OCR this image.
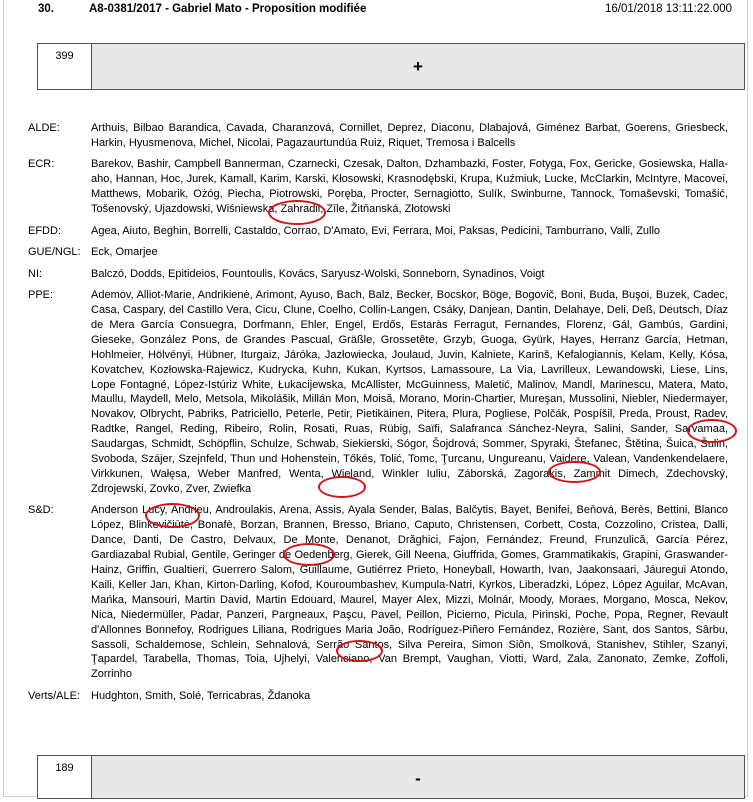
30.	A8-0381/2017 - Gabriel Mato - Proposition modifiée	16/01/2018 13:11:22.000
399
+
ALDE:	Arthuis, Bilbao Barandica, Cavada, Charanzová, Cornillet, Deprez, Diaconu, Dlabajová, Giménez Barbat, Goerens, Griesbeck, Harkin, Hyusmenova, Michel, Nicolai, Pagazaurtundúa Ruiz, Riquet, Tremosa i Balcells
ECR:	Barekov, Bashir, Campbell Bannerman, Czarnecki, Czesak, Dalton, Dzhambazki, Foster, Fotyga, Fox, Gericke, Gosiewska, Halla-aho, Hannan, Hoc, Jurek, Kamall, Karim, Karski, Kłosowski, Krasnodębski, Krupa, Kuźmiuk, Lucke, McClarkin, McIntyre, Macovei, Matthews, Mobarik, Ożóg, Piecha, Piotrowski, Poręba, Procter, Sernagiotto, Sulík, Swinburne, Tannock, Tomaševski, Tomašić, Tošenovský, Ujazdowski, Wiśniewska, Zahradil, Zīle, Žitňanská, Złotowski
EFDD:	Agea, Aiuto, Beghin, Borrelli, Castaldo, Corrao, D'Amato, Evi, Ferrara, Moi, Paksas, Pedicini, Tamburrano, Valli, Zullo
GUE/NGL: Eck, Omarjee
NI:	Balczó, Dodds, Epitideios, Fountoulis, Kovács, Saryusz-Wolski, Sonneborn, Synadinos, Voigt
PPE:	Ademov, Alliot-Marie, Andrikienė, Arimont, Ayuso, Bach, Balz, Becker, Bocskor, Böge, Bogovič, Boni, Buda, Buşoi, Buzek, Cadec, Casa, Caspary, del Castillo Vera, Cicu, Clune, Coelho, Collin-Langen, Csáky, Danjean, Dantin, Delahaye, Deli, Deß, Deutsch, Díaz de Mera García Consuegra, Dorfmann, Ehler, Engel, Erdős, Estaràs Ferragut, Fernandes, Florenz, Gál, Gambús, Gardini, Gieseke, González Pons, de Grandes Pascual, Gräßle, Grossetête, Grzyb, Guoga, Gyürk, Hayes, Herranz García, Hetman, Hohlmeier, Hölvényi, Hübner, Iturgaiz, Járóka, Jazłowiecka, Joulaud, Juvin, Kalniete, Karinš, Kefalogiannis, Kelam, Kelly, Kósa, Kovatchev, Kozłowska-Rajewicz, Kudrycka, Kuhn, Kukan, Kyrtsos, Lamassoure, La Via, Lavrilleux, Lewandowski, Liese, Lins, Lope Fontagné, López-Istúriz White, Łukacijewska, McAllister, McGuinness, Maletić, Malinov, Mandl, Marinescu, Matera, Mato, Maullu, Maydell, Melo, Metsola, Mikolášik, Millán Mon, Moisă, Morano, Morin-Chartier, Mureşan, Mussolini, Niebler, Niedermayer, Novakov, Olbrycht, Pabriks, Patriciello, Peterle, Petir, Pietikäinen, Pitera, Plura, Pogliese, Polčák, Pospíšil, Preda, Proust, Radev, Radtke, Rangel, Reding, Ribeiro, Rolin, Rosati, Ruas, Rübig, Saïfi, Salafranca Sánchez-Neyra, Salini, Sander, Sarvamaa, Saudargas, Schmidt, Schöpflin, Schulze, Schwab, Siekierski, Sógor, Šojdrová, Sommer, Spyraki, Štefanec, Štětina, Šuica, Šulin, Svoboda, Szájer, Szejnfeld, Thun und Hohenstein, Tőkés, Tolić, Tomc, Ţurcanu, Ungureanu, Vaidere, Valean, Vandenkendelaere, Virkkunen, Wałęsa, Weber Manfred, Wenta, Wieland, Winkler Iuliu, Záborská, Zagorakis, Zammit Dimech, Zdechovský, Zdrojewski, Zovko, Zver, Zwiefka
S&D:	Anderson Lucy, Andrieu, Androulakis, Arena, Assis, Ayala Sender, Balas, Balčytis, Bayet, Benifei, Beňová, Berès, Bettini, Blanco López, Blinkevičiūtė, Bonafè, Borzan, Brannen, Bresso, Briano, Caputo, Christensen, Corbett, Costa, Cozzolino, Cristea, Dalli, Dance, Danti, De Castro, Delvaux, De Monte, Denanot, Drăghici, Fajon, Fernández, Freund, Frunzulică, García Pérez, Gardiazabal Rubial, Gentile, Geringer de Oedenberg, Gierek, Gill Neena, Giuffrida, Gomes, Grammatikakis, Grapini, Graswander-Hainz, Griffin, Gualtieri, Guerrero Salom, Guillaume, Gutiérrez Prieto, Honeyball, Howarth, Ivan, Jaakonsaari, Jáuregui Atondo, Kaili, Keller Jan, Khan, Kirton-Darling, Kofod, Kouroumbashev, Kumpula-Natri, Kyrkos, Liberadzki, López, López Aguilar, McAvan, Mańka, Mansouri, Martin David, Martin Edouard, Maurel, Mayer Alex, Mizzi, Molnár, Moody, Moraes, Morgano, Mosca, Nekov, Nica, Niedermüller, Padar, Panzeri, Pargneaux, Paşcu, Pavel, Peillon, Picierno, Picula, Pirinski, Poche, Popa, Regner, Revault d'Allonnes Bonnefoy, Rodrigues Liliana, Rodrigues Maria João, Rodríguez-Piñero Fernández, Rozière, Sant, dos Santos, Sârbu, Sassoli, Schaldemose, Schlein, Sehnalová, Serrão Santos, Silva Pereira, Simon Siôn, Smolková, Stanishev, Stihler, Szanyi, Ţapardel, Tarabella, Thomas, Toia, Ujhelyi, Valenciano, Van Brempt, Vaughan, Viotti, Ward, Zala, Zanonato, Zemke, Zoffoli, Zorrinho
Verts/ALE:	Hudghton, Smith, Solé, Terricabras, Ždanoka
189
-
